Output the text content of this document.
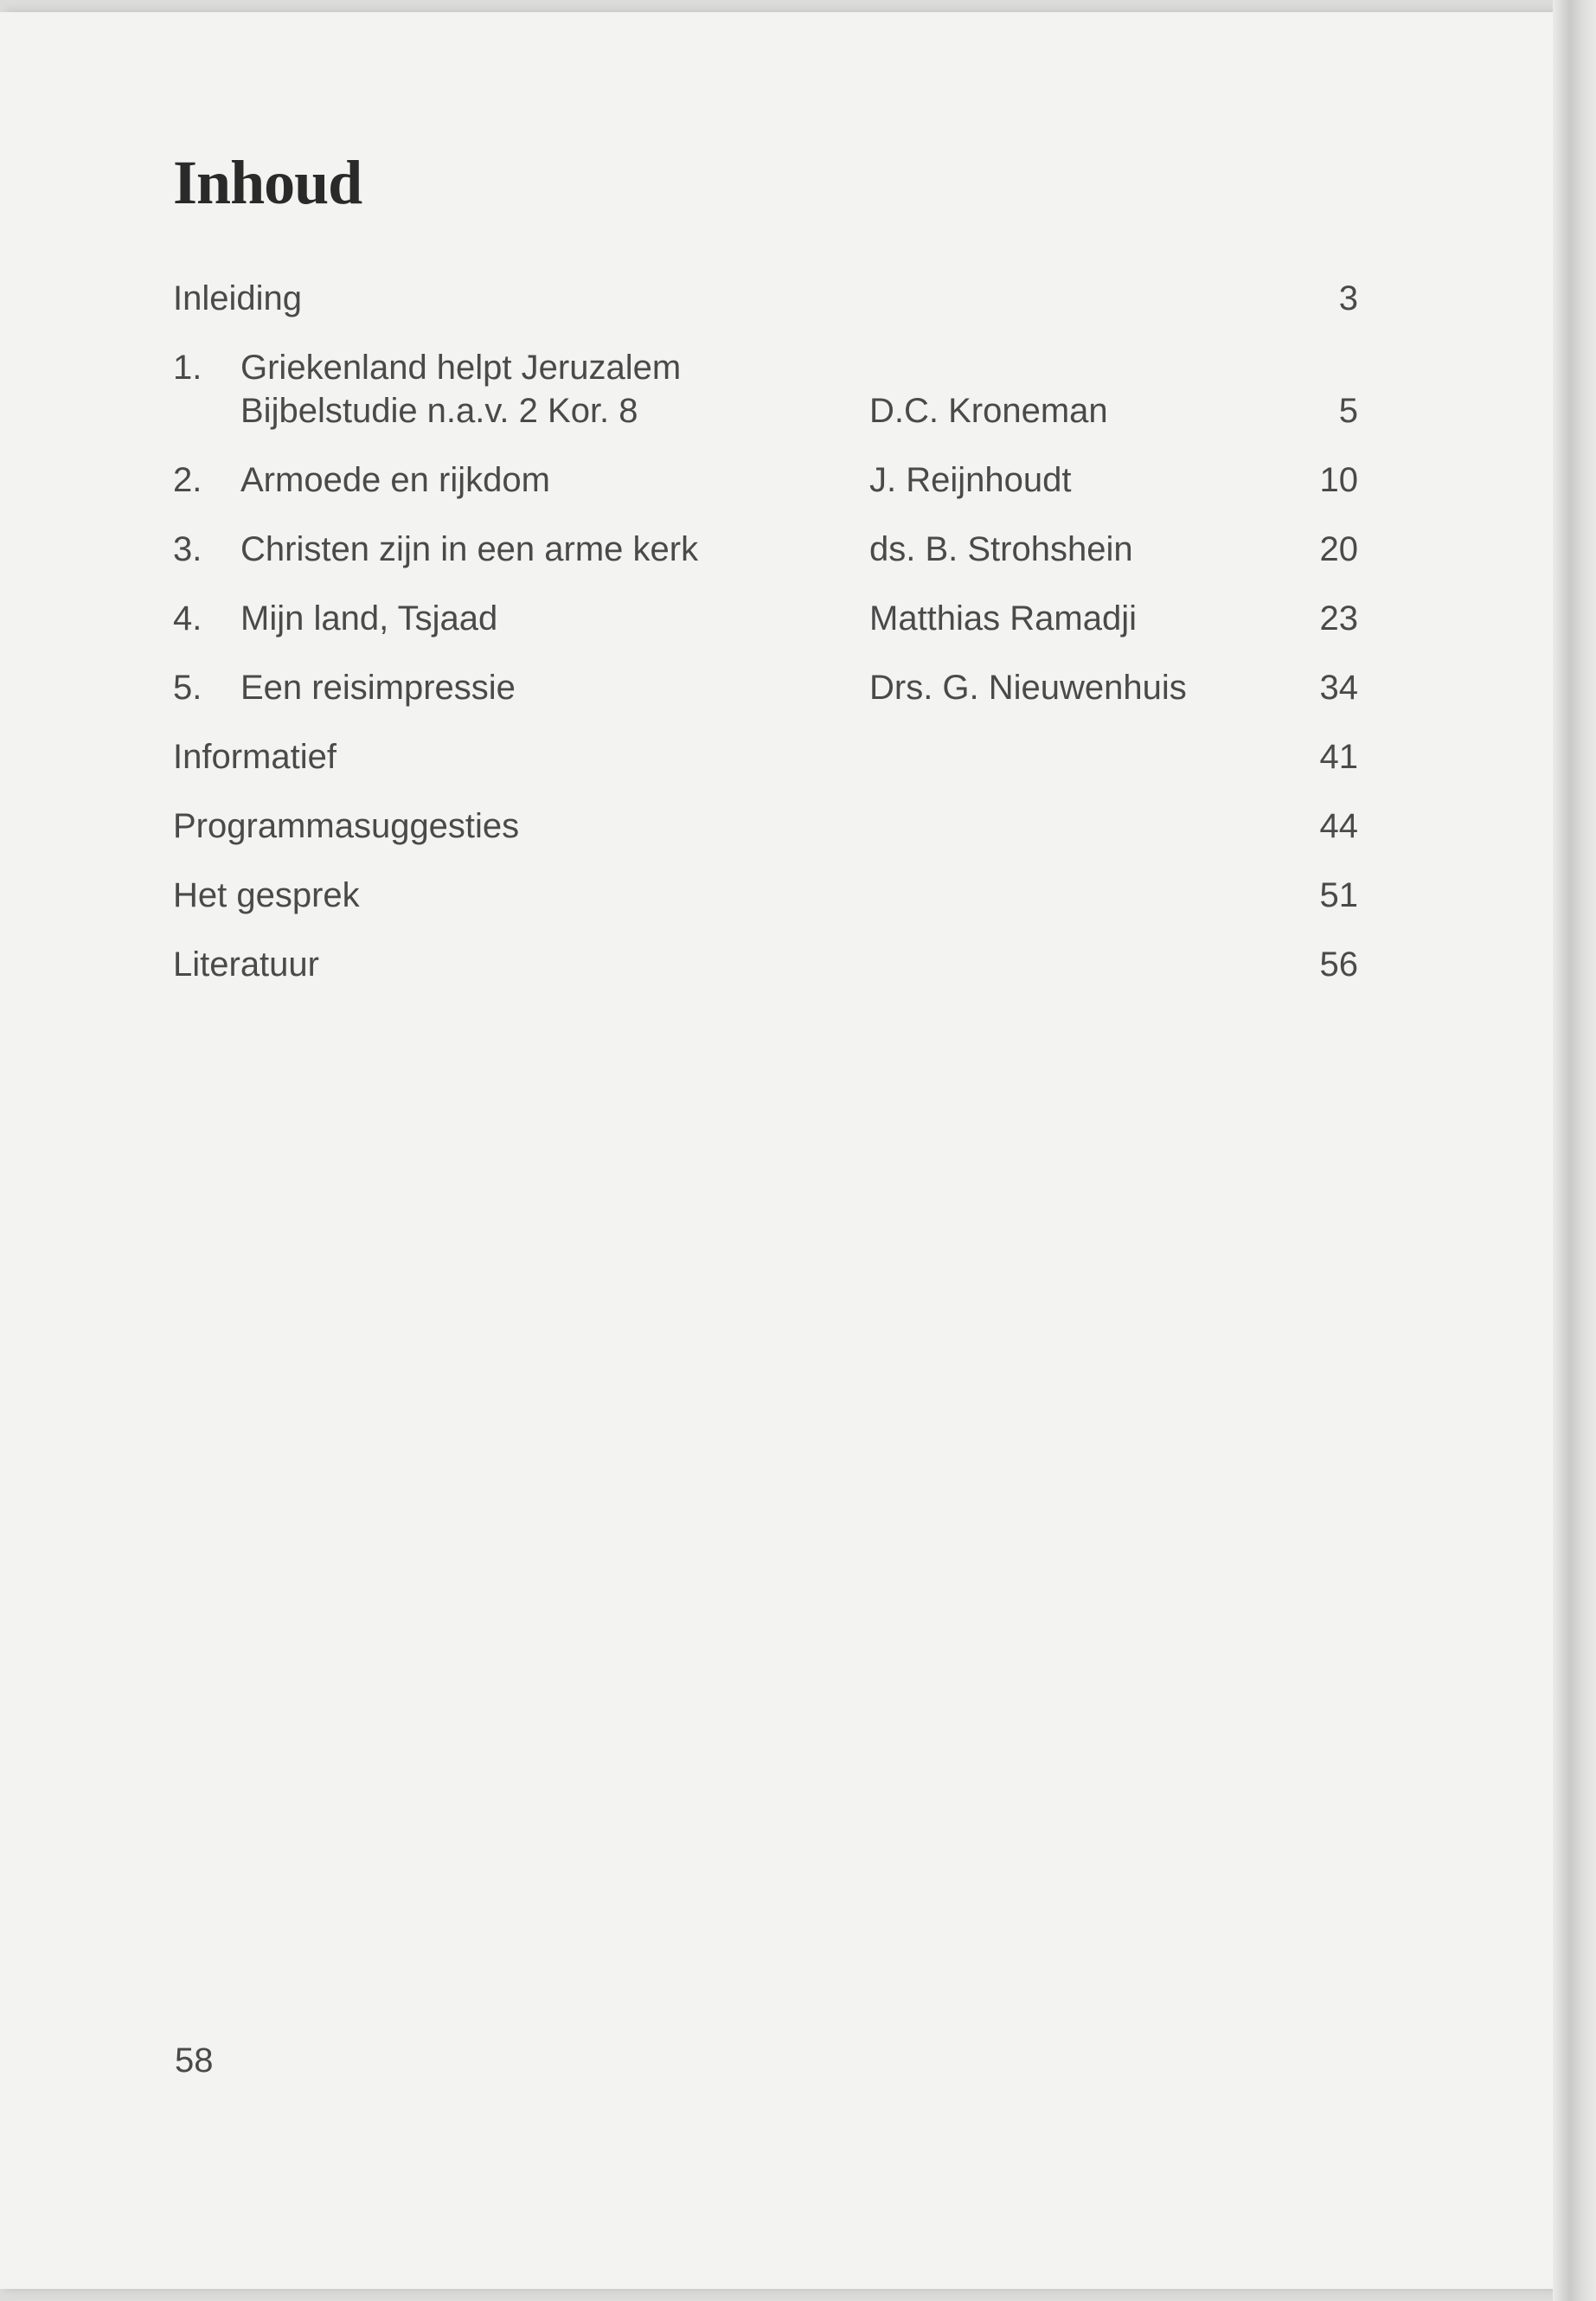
Inhoud
Inleiding	3
1. Griekenland helpt Jeruzalem
Bijbelstudie n.a.v. 2 Kor. 8	D.C. Kroneman	5
2. Armoede en rijkdom	J. Reijnhoudt	10
3. Christen zijn in een arme kerk	ds. B. Strohshein	20
4. Mijn land, Tsjaad	Matthias Ramadji	23
5. Een reisimpressie	Drs. G. Nieuwenhuis	34
Informatief	41
Programmasuggesties	44
Het gesprek	51
Literatuur	56
58
